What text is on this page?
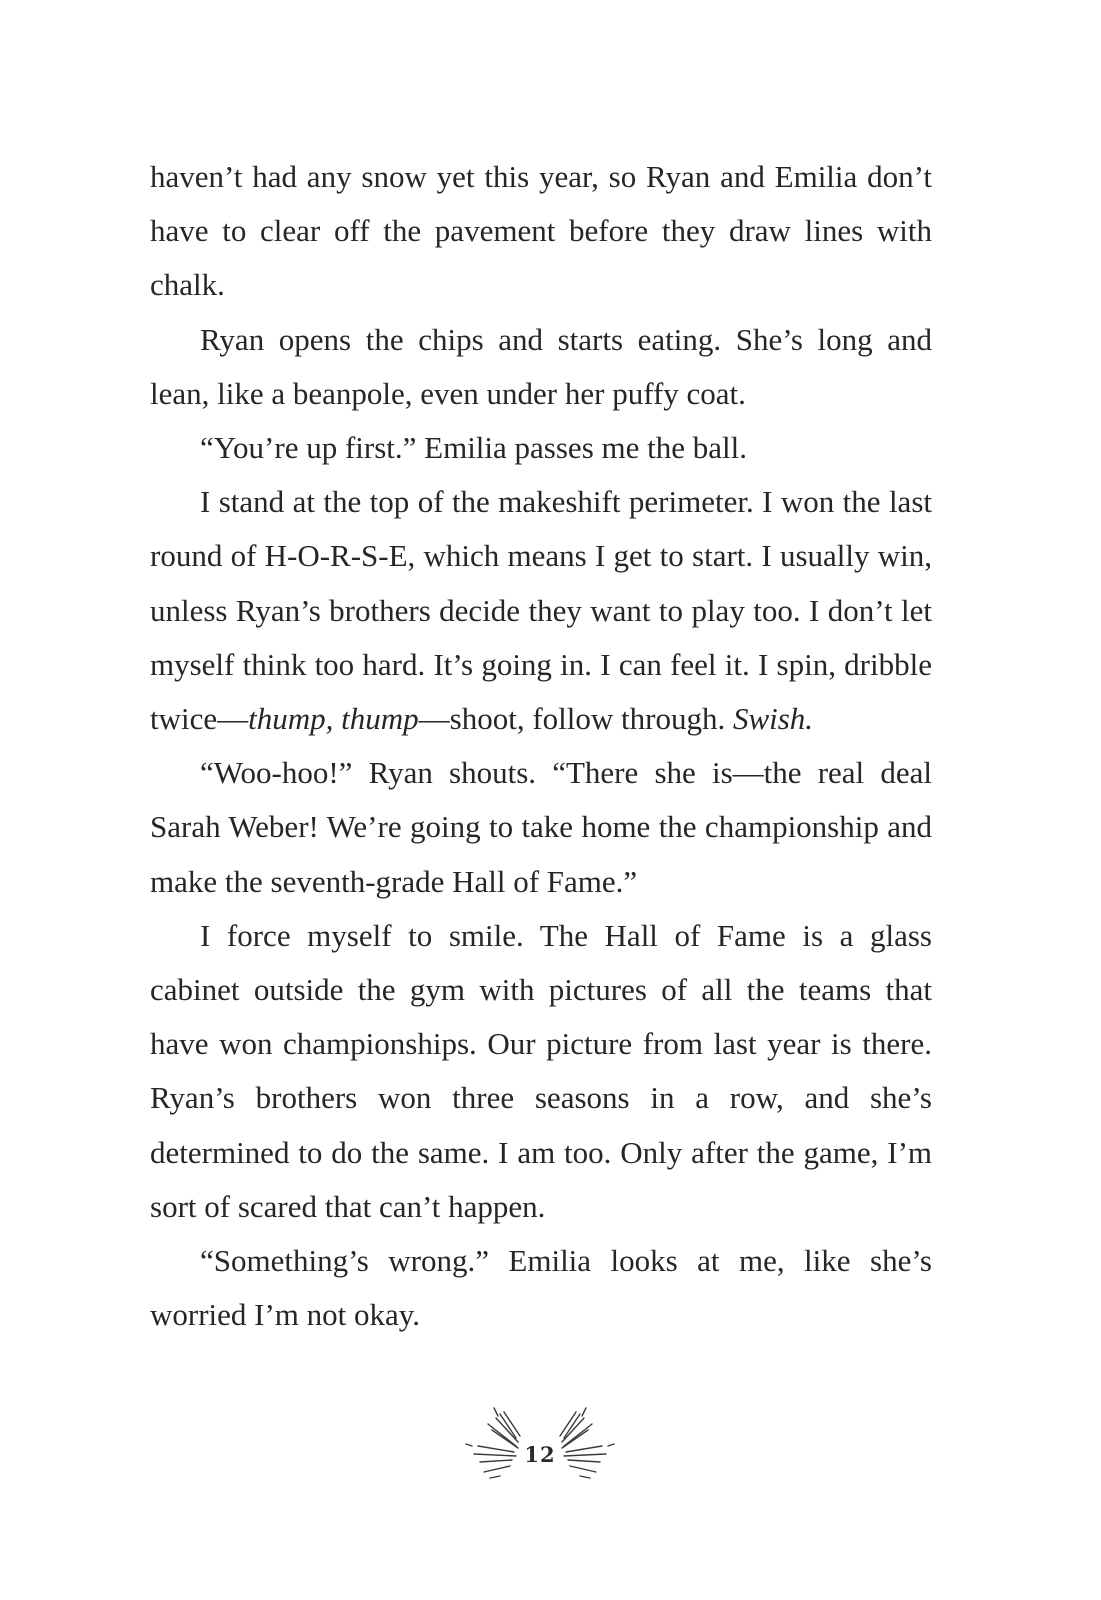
haven’t had any snow yet this year, so Ryan and Emilia don’t have to clear off the pavement before they draw lines with chalk.

Ryan opens the chips and starts eating. She’s long and lean, like a beanpole, even under her puffy coat.

“You’re up first.” Emilia passes me the ball.

I stand at the top of the makeshift perimeter. I won the last round of H-O-R-S-E, which means I get to start. I usually win, unless Ryan’s brothers decide they want to play too. I don’t let myself think too hard. It’s going in. I can feel it. I spin, dribble twice—thump, thump—shoot, follow through. Swish.

“Woo-hoo!” Ryan shouts. “There she is—the real deal Sarah Weber! We’re going to take home the championship and make the seventh-grade Hall of Fame.”

I force myself to smile. The Hall of Fame is a glass cabinet outside the gym with pictures of all the teams that have won championships. Our picture from last year is there. Ryan’s brothers won three seasons in a row, and she’s determined to do the same. I am too. Only after the game, I’m sort of scared that can’t happen.

“Something’s wrong.” Emilia looks at me, like she’s worried I’m not okay.

12
